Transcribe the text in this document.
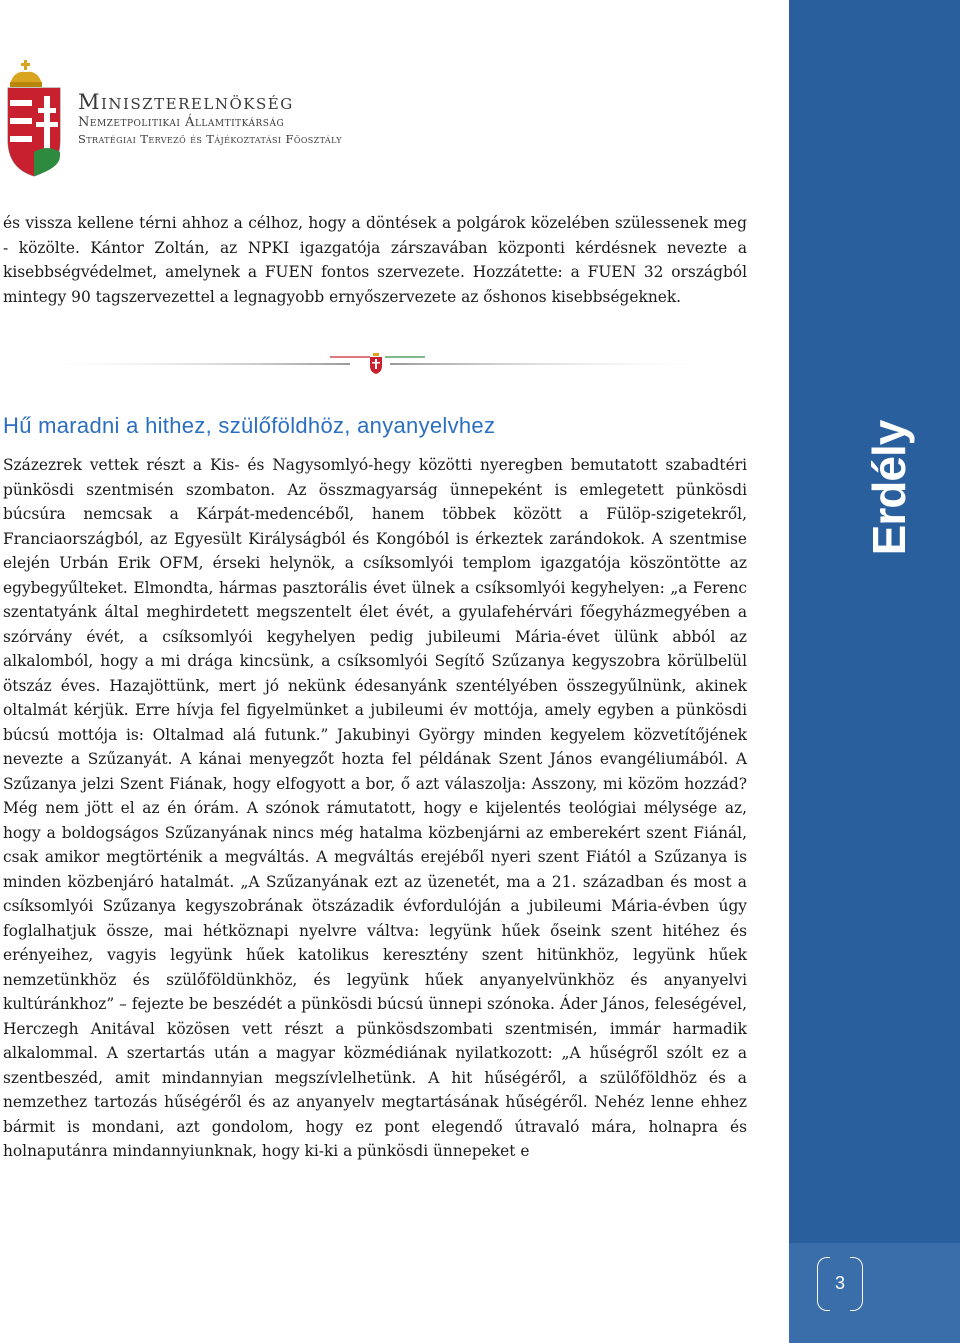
Erdély
3
Miniszterelnökség
Nemzetpolitikai Államtitkárság
Stratégiai Tervező és Tájékoztatási Főosztály

és vissza kellene térni ahhoz a célhoz, hogy a döntések a polgárok közelében szülessenek meg - közölte. Kántor Zoltán, az NPKI igazgatója zárszavában központi kérdésnek nevezte a kisebbségvédelmet, amelynek a FUEN fontos szervezete. Hozzátette: a FUEN 32 országból mintegy 90 tagszervezettel a legnagyobb ernyőszervezete az őshonos kisebbségeknek.

Hű maradni a hithez, szülőföldhöz, anyanyelvhez

Százezrek vettek részt a Kis- és Nagysomlyó-hegy közötti nyeregben bemutatott szabadtéri pünkösdi szentmisén szombaton. Az összmagyarság ünnepeként is emlegetett pünkösdi búcsúra nemcsak a Kárpát-medencéből, hanem többek között a Fülöp-szigetekről, Franciaországból, az Egyesült Királyságból és Kongóból is érkeztek zarándokok. A szentmise elején Urbán Erik OFM, érseki helynök, a csíksomlyói templom igazgatója köszöntötte az egybegyűlteket. Elmondta, hármas pasztorális évet ülnek a csíksomlyói kegyhelyen: „a Ferenc szentatyánk által meghirdetett megszentelt élet évét, a gyulafehérvári főegyházmegyében a szórvány évét, a csíksomlyói kegyhelyen pedig jubileumi Mária-évet ülünk abból az alkalomból, hogy a mi drága kincsünk, a csíksomlyói Segítő Szűzanya kegyszobra körülbelül ötszáz éves. Hazajöttünk, mert jó nekünk édesanyánk szentélyében összegyűlnünk, akinek oltalmát kérjük. Erre hívja fel figyelmünket a jubileumi év mottója, amely egyben a pünkösdi búcsú mottója is: Oltalmad alá futunk.” Jakubinyi György minden kegyelem közvetítőjének nevezte a Szűzanyát. A kánai menyegzőt hozta fel példának Szent János evangéliumából. A Szűzanya jelzi Szent Fiának, hogy elfogyott a bor, ő azt válaszolja: Asszony, mi közöm hozzád? Még nem jött el az én órám. A szónok rámutatott, hogy e kijelentés teológiai mélysége az, hogy a boldogságos Szűzanyának nincs még hatalma közbenjárni az emberekért szent Fiánál, csak amikor megtörténik a megváltás. A megváltás erejéből nyeri szent Fiától a Szűzanya is minden közbenjáró hatalmát. „A Szűzanyának ezt az üzenetét, ma a 21. században és most a csíksomlyói Szűzanya kegyszobrának ötszázadik évfordulóján a jubileumi Mária-évben úgy foglalhatjuk össze, mai hétköznapi nyelvre váltva: legyünk hűek őseink szent hitéhez és erényeihez, vagyis legyünk hűek katolikus keresztény szent hitünkhöz, legyünk hűek nemzetünkhöz és szülőföldünkhöz, és legyünk hűek anyanyelvünkhöz és anyanyelvi kultúránkhoz” – fejezte be beszédét a pünkösdi búcsú ünnepi szónoka. Áder János, feleségével, Herczegh Anitával közösen vett részt a pünkösdszombati szentmisén, immár harmadik alkalommal. A szertartás után a magyar közmédiának nyilatkozott: „A hűségről szólt ez a szentbeszéd, amit mindannyian megszívlelhetünk. A hit hűségéről, a szülőföldhöz és a nemzethez tartozás hűségéről és az anyanyelv megtartásának hűségéről. Nehéz lenne ehhez bármit is mondani, azt gondolom, hogy ez pont elegendő útravaló mára, holnapra és holnaputánra mindannyiunknak, hogy ki-ki a pünkösdi ünnepeket e
